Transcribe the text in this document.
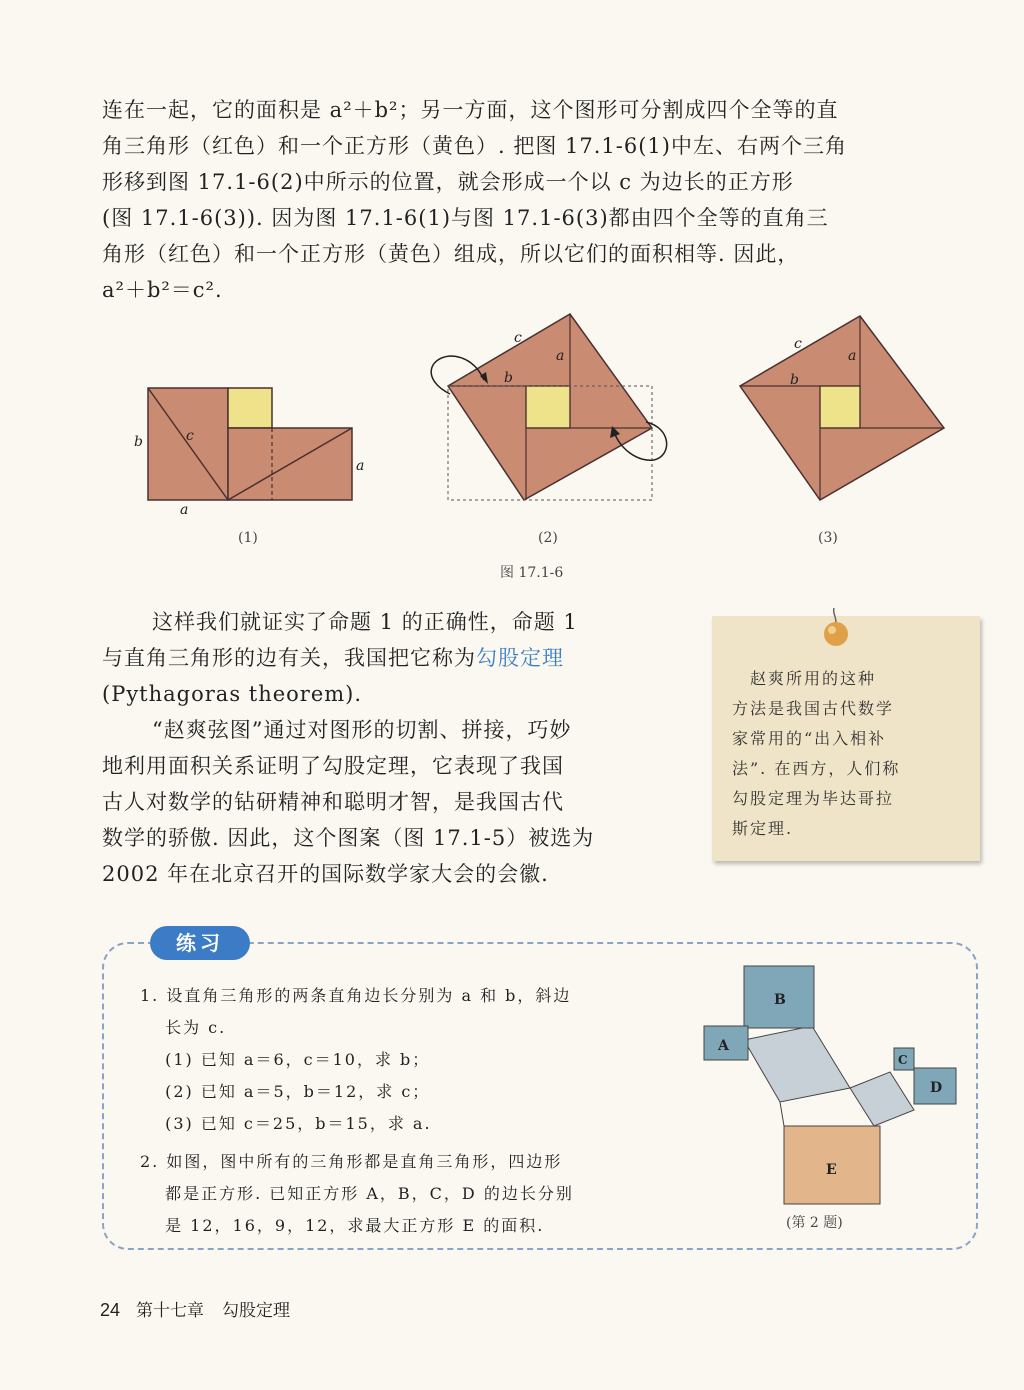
连在一起，它的面积是 a²＋b²；另一方面，这个图形可分割成四个全等的直
角三角形（红色）和一个正方形（黄色）. 把图 17.1-6(1)中左、右两个三角
形移到图 17.1-6(2)中所示的位置，就会形成一个以 c 为边长的正方形
(图 17.1-6(3)). 因为图 17.1-6(1)与图 17.1-6(3)都由四个全等的直角三
角形（红色）和一个正方形（黄色）组成，所以它们的面积相等. 因此，
a²＋b²＝c².

b	c
a
a
(1)
c
a
b
(2)
c
a
b
(3)
图 17.1-6

这样我们就证实了命题 1 的正确性，命题 1
与直角三角形的边有关，我国把它称为勾股定理
(Pythagoras theorem).

“赵爽弦图”通过对图形的切割、拼接，巧妙
地利用面积关系证明了勾股定理，它表现了我国
古人对数学的钻研精神和聪明才智，是我国古代
数学的骄傲. 因此，这个图案（图 17.1-5）被选为
2002 年在北京召开的国际数学家大会的会徽.

　赵爽所用的这种
方法是我国古代数学
家常用的“出入相补
法”. 在西方，人们称
勾股定理为毕达哥拉
斯定理.

练习

1. 设直角三角形的两条直角边长分别为 a 和 b，斜边
　 长为 c.
　 (1) 已知 a＝6，c＝10，求 b；
　 (2) 已知 a＝5，b＝12，求 c；
　 (3) 已知 c＝25，b＝15，求 a.

2. 如图，图中所有的三角形都是直角三角形，四边形
　 都是正方形. 已知正方形 A，B，C，D 的边长分别
　 是 12，16，9，12，求最大正方形 E 的面积.

B
A
C
D
E
(第 2 题)
24 第十七章 勾股定理
